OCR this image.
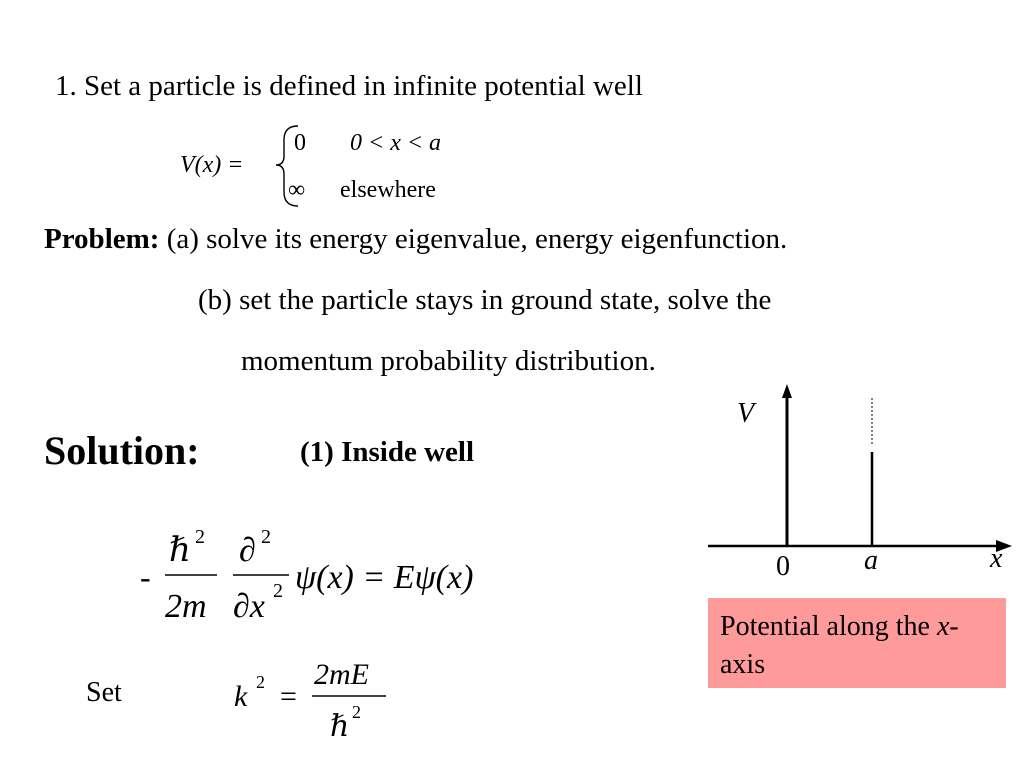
1. Set a particle is defined in infinite potential well
V(x) =
0 0 < x < a
∞ elsewhere
Problem: (a) solve its energy eigenvalue, energy eigenfunction.
(b) set the particle stays in ground state, solve the
momentum probability distribution.
Solution:	(1) Inside well
-
ℏ 2
2m
∂ 2
∂x 2 ψ(x) = Eψ(x)
Set	k 2 =
2mE
ℏ 2
V
x
0	a
Potential along the x-axis
